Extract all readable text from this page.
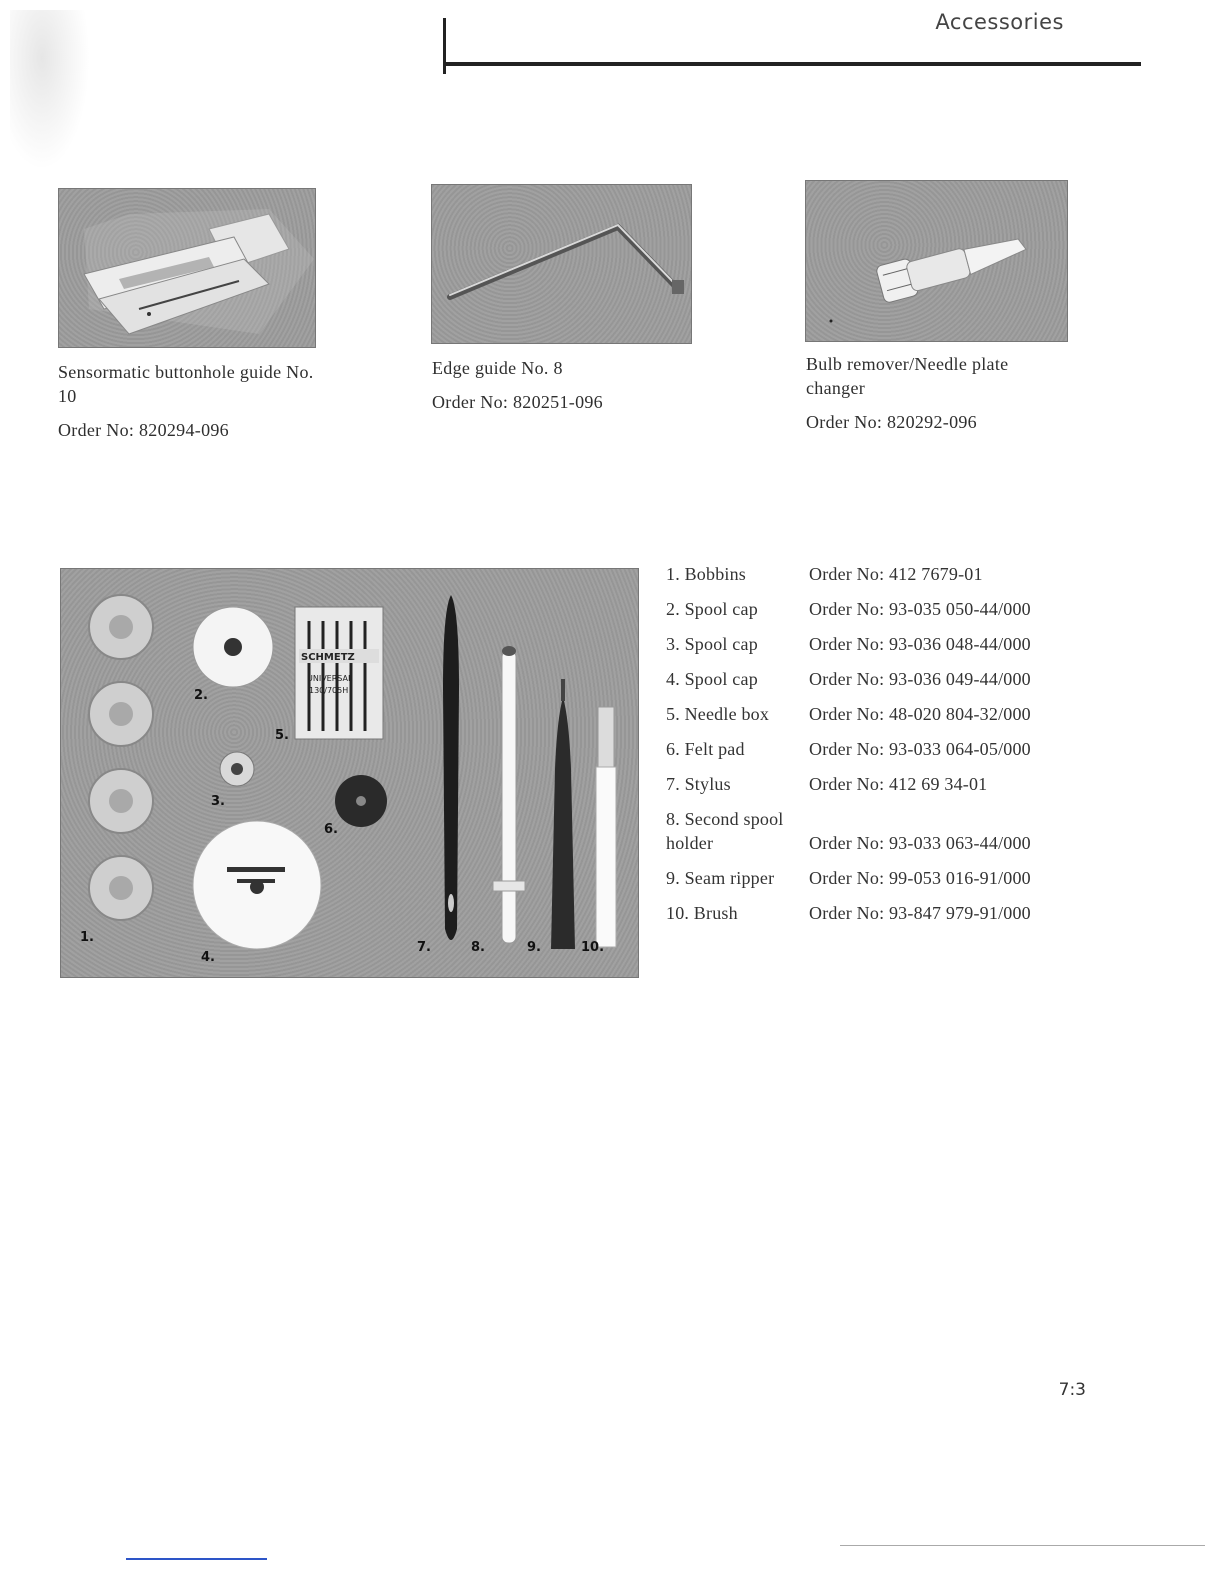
Accessories
Sensormatic buttonhole guide No. 10
Order No: 820294-096
Edge guide No. 8
Order No: 820251-096
Bulb remover/Needle plate changer
Order No: 820292-096
SCHMETZ
UNIVERSAL
130/705H
1.
2.
3.
4.
5.
6.
7.	8.	9.	10.
1. Bobbins	Order No: 412 7679-01
2. Spool cap	Order No: 93-035 050-44/000
3. Spool cap	Order No: 93-036 048-44/000
4. Spool cap	Order No: 93-036 049-44/000
5. Needle box	Order No: 48-020 804-32/000
6. Felt pad	Order No: 93-033 064-05/000
7. Stylus	Order No: 412 69 34-01
8. Second spool holder	Order No: 93-033 063-44/000
9. Seam ripper	Order No: 99-053 016-91/000
10. Brush	Order No: 93-847 979-91/000
7:3
